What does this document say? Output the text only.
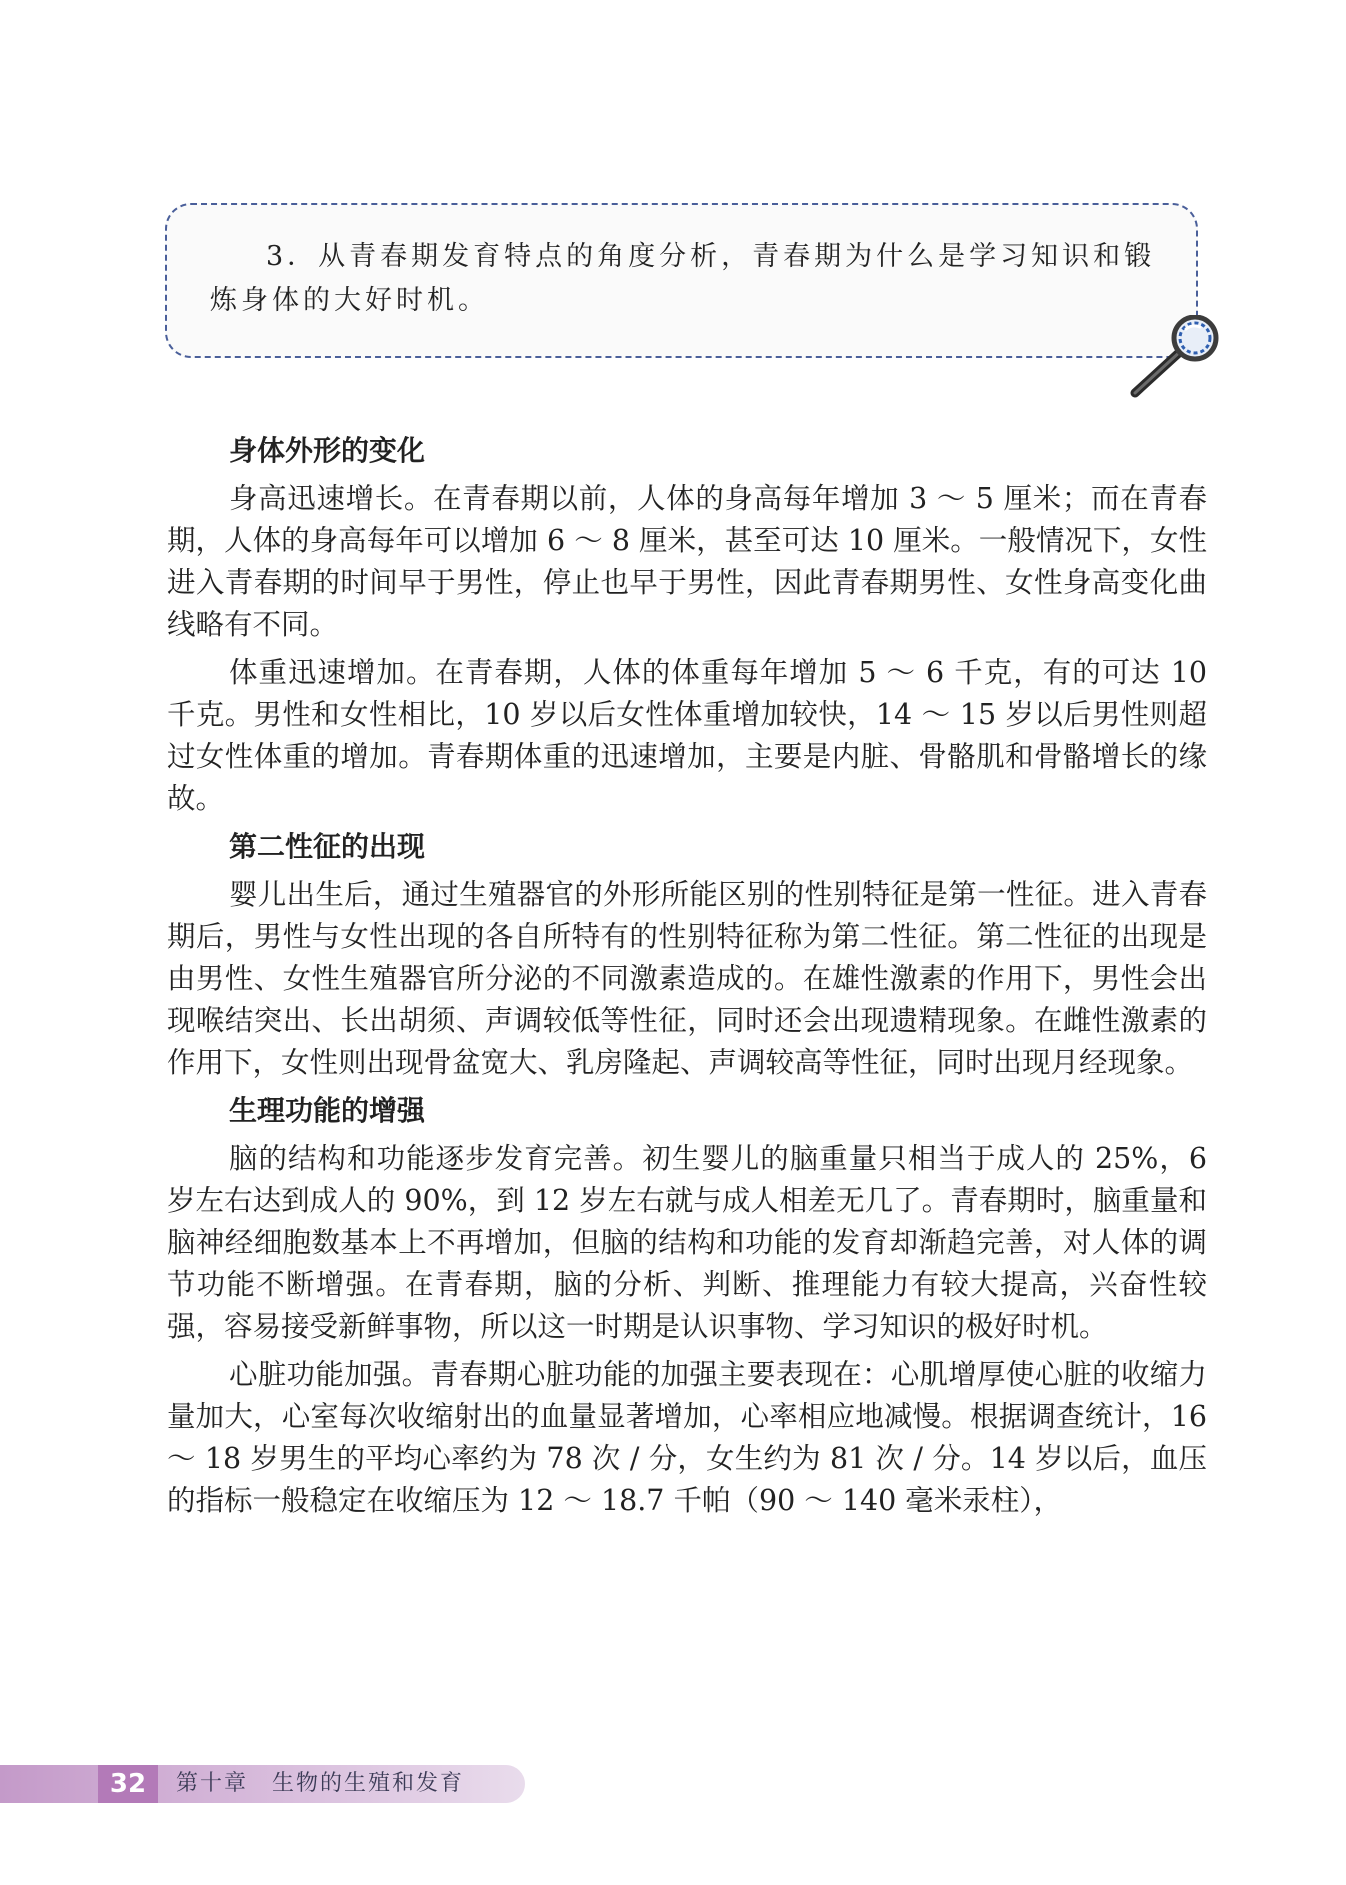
3．从青春期发育特点的角度分析，青春期为什么是学习知识和锻炼身体的大好时机。

身体外形的变化

身高迅速增长。在青春期以前，人体的身高每年增加 3 ～ 5 厘米；而在青春期，人体的身高每年可以增加 6 ～ 8 厘米，甚至可达 10 厘米。一般情况下，女性进入青春期的时间早于男性，停止也早于男性，因此青春期男性、女性身高变化曲线略有不同。

体重迅速增加。在青春期，人体的体重每年增加 5 ～ 6 千克，有的可达 10 千克。男性和女性相比，10 岁以后女性体重增加较快，14 ～ 15 岁以后男性则超过女性体重的增加。青春期体重的迅速增加，主要是内脏、骨骼肌和骨骼增长的缘故。

第二性征的出现

婴儿出生后，通过生殖器官的外形所能区别的性别特征是第一性征。进入青春期后，男性与女性出现的各自所特有的性别特征称为第二性征。第二性征的出现是由男性、女性生殖器官所分泌的不同激素造成的。在雄性激素的作用下，男性会出现喉结突出、长出胡须、声调较低等性征，同时还会出现遗精现象。在雌性激素的作用下，女性则出现骨盆宽大、乳房隆起、声调较高等性征，同时出现月经现象。

生理功能的增强

脑的结构和功能逐步发育完善。初生婴儿的脑重量只相当于成人的 25%，6 岁左右达到成人的 90%，到 12 岁左右就与成人相差无几了。青春期时，脑重量和脑神经细胞数基本上不再增加，但脑的结构和功能的发育却渐趋完善，对人体的调节功能不断增强。在青春期，脑的分析、判断、推理能力有较大提高，兴奋性较强，容易接受新鲜事物，所以这一时期是认识事物、学习知识的极好时机。

心脏功能加强。青春期心脏功能的加强主要表现在：心肌增厚使心脏的收缩力量加大，心室每次收缩射出的血量显著增加，心率相应地减慢。根据调查统计，16 ～ 18 岁男生的平均心率约为 78 次 / 分，女生约为 81 次 / 分。14 岁以后，血压的指标一般稳定在收缩压为 12 ～ 18.7 千帕（90 ～ 140 毫米汞柱），

32	第十章　生物的生殖和发育
